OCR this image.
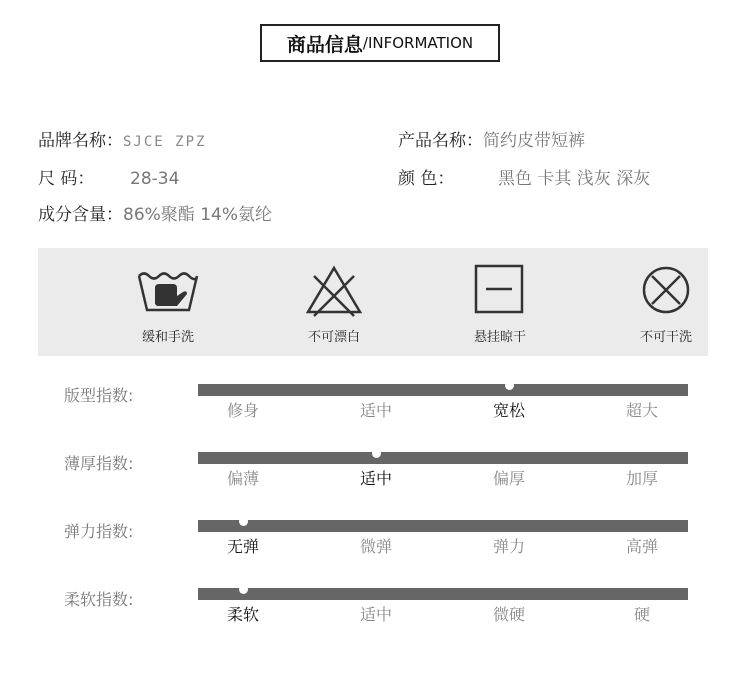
商品信息 /INFORMATION
品牌名称：SJCE ZPZ	产品名称：简约皮带短裤
尺 码： 28-34	颜 色：	黑色 卡其 浅灰 深灰
成分含量：86%聚酯 14%氨纶
缓和手洗	不可漂白	悬挂晾干	不可干洗
版型指数:
修身	适中	宽松	超大
薄厚指数:
偏薄	适中	偏厚	加厚
弹力指数:
无弹	微弹	弹力	高弹
柔软指数:
柔软	适中	微硬	硬
